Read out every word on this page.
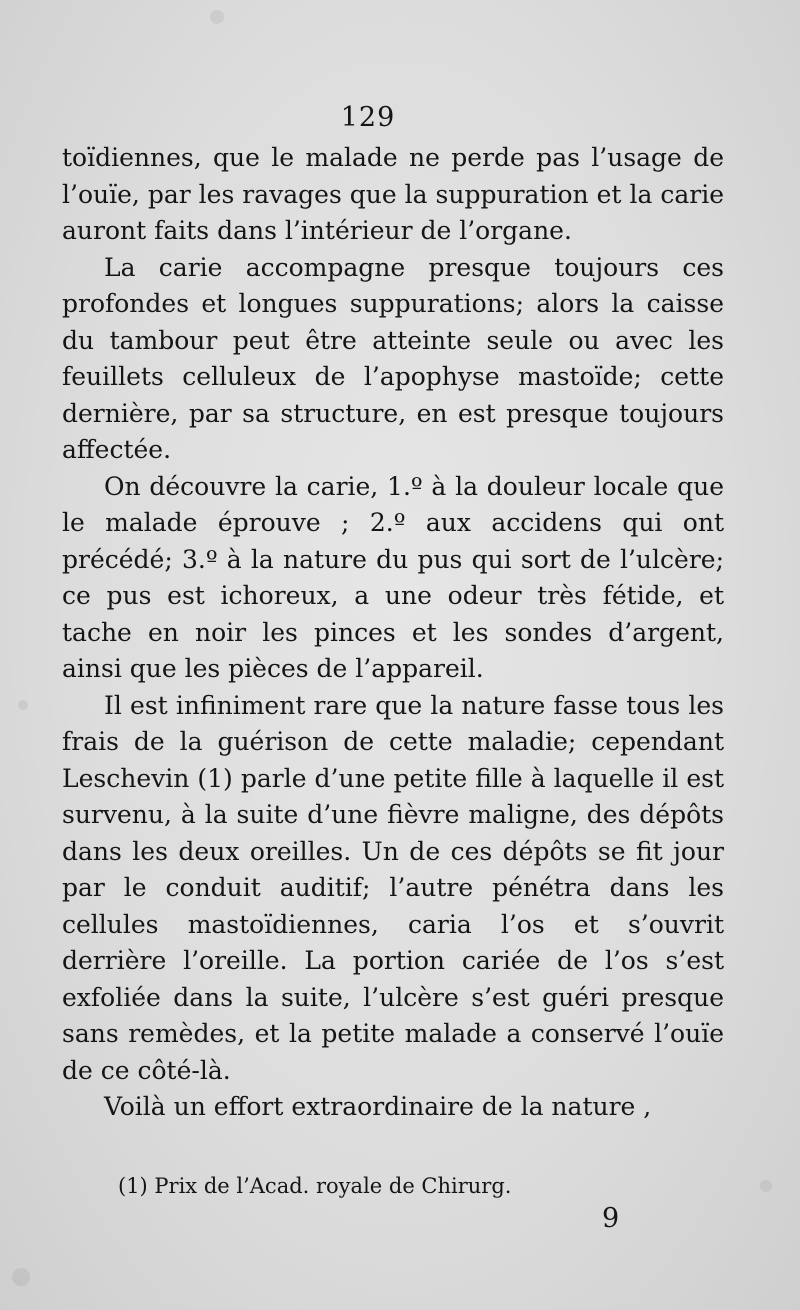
129

toïdiennes, que le malade ne perde pas l’usage de l’ouïe, par les ravages que la suppuration et la carie auront faits dans l’intérieur de l’organe.

La carie accompagne presque toujours ces profondes et longues suppurations; alors la caisse du tambour peut être atteinte seule ou avec les feuillets celluleux de l’apophyse mastoïde; cette dernière, par sa structure, en est presque toujours affectée.

On découvre la carie, 1.º à la douleur locale que le malade éprouve ; 2.º aux accidens qui ont précédé; 3.º à la nature du pus qui sort de l’ulcère; ce pus est ichoreux, a une odeur très fétide, et tache en noir les pinces et les sondes d’argent, ainsi que les pièces de l’appareil.

Il est infiniment rare que la nature fasse tous les frais de la guérison de cette maladie; cependant Leschevin (1) parle d’une petite fille à laquelle il est survenu, à la suite d’une fièvre maligne, des dépôts dans les deux oreilles. Un de ces dépôts se fit jour par le conduit auditif; l’autre pénétra dans les cellules mastoïdiennes, caria l’os et s’ouvrit derrière l’oreille. La portion cariée de l’os s’est exfoliée dans la suite, l’ulcère s’est guéri presque sans remèdes, et la petite malade a conservé l’ouïe de ce côté-là.

Voilà un effort extraordinaire de la nature ,

(1) Prix de l’Acad. royale de Chirurg.
9
